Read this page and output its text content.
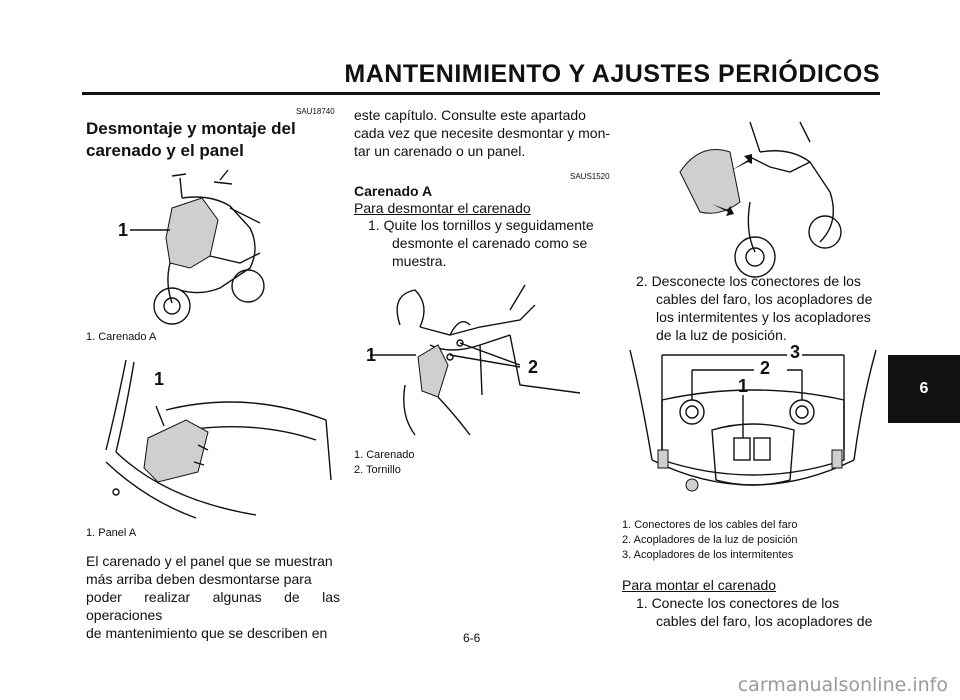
MANTENIMIENTO Y AJUSTES PERIÓDICOS
6
SAU18740
Desmontaje y montaje del
carenado y el panel
1
1. Carenado A
1
1. Panel A
El carenado y el panel que se muestran
más arriba deben desmontarse para
poder realizar algunas de las operaciones
de mantenimiento que se describen en
este capítulo. Consulte este apartado
cada vez que necesite desmontar y mon-
tar un carenado o un panel.
SAUS1520
Carenado A
Para desmontar el carenado
1. Quite los tornillos y seguidamente
desmonte el carenado como se
muestra.
1
2
1. Carenado
2. Tornillo
2. Desconecte los conectores de los
cables del faro, los acopladores de
los intermitentes y los acopladores
de la luz de posición.
3
2
1
1. Conectores de los cables del faro
2. Acopladores de la luz de posición
3. Acopladores de los intermitentes
Para montar el carenado
1. Conecte los conectores de los
cables del faro, los acopladores de
6-6
carmanualsonline.info
